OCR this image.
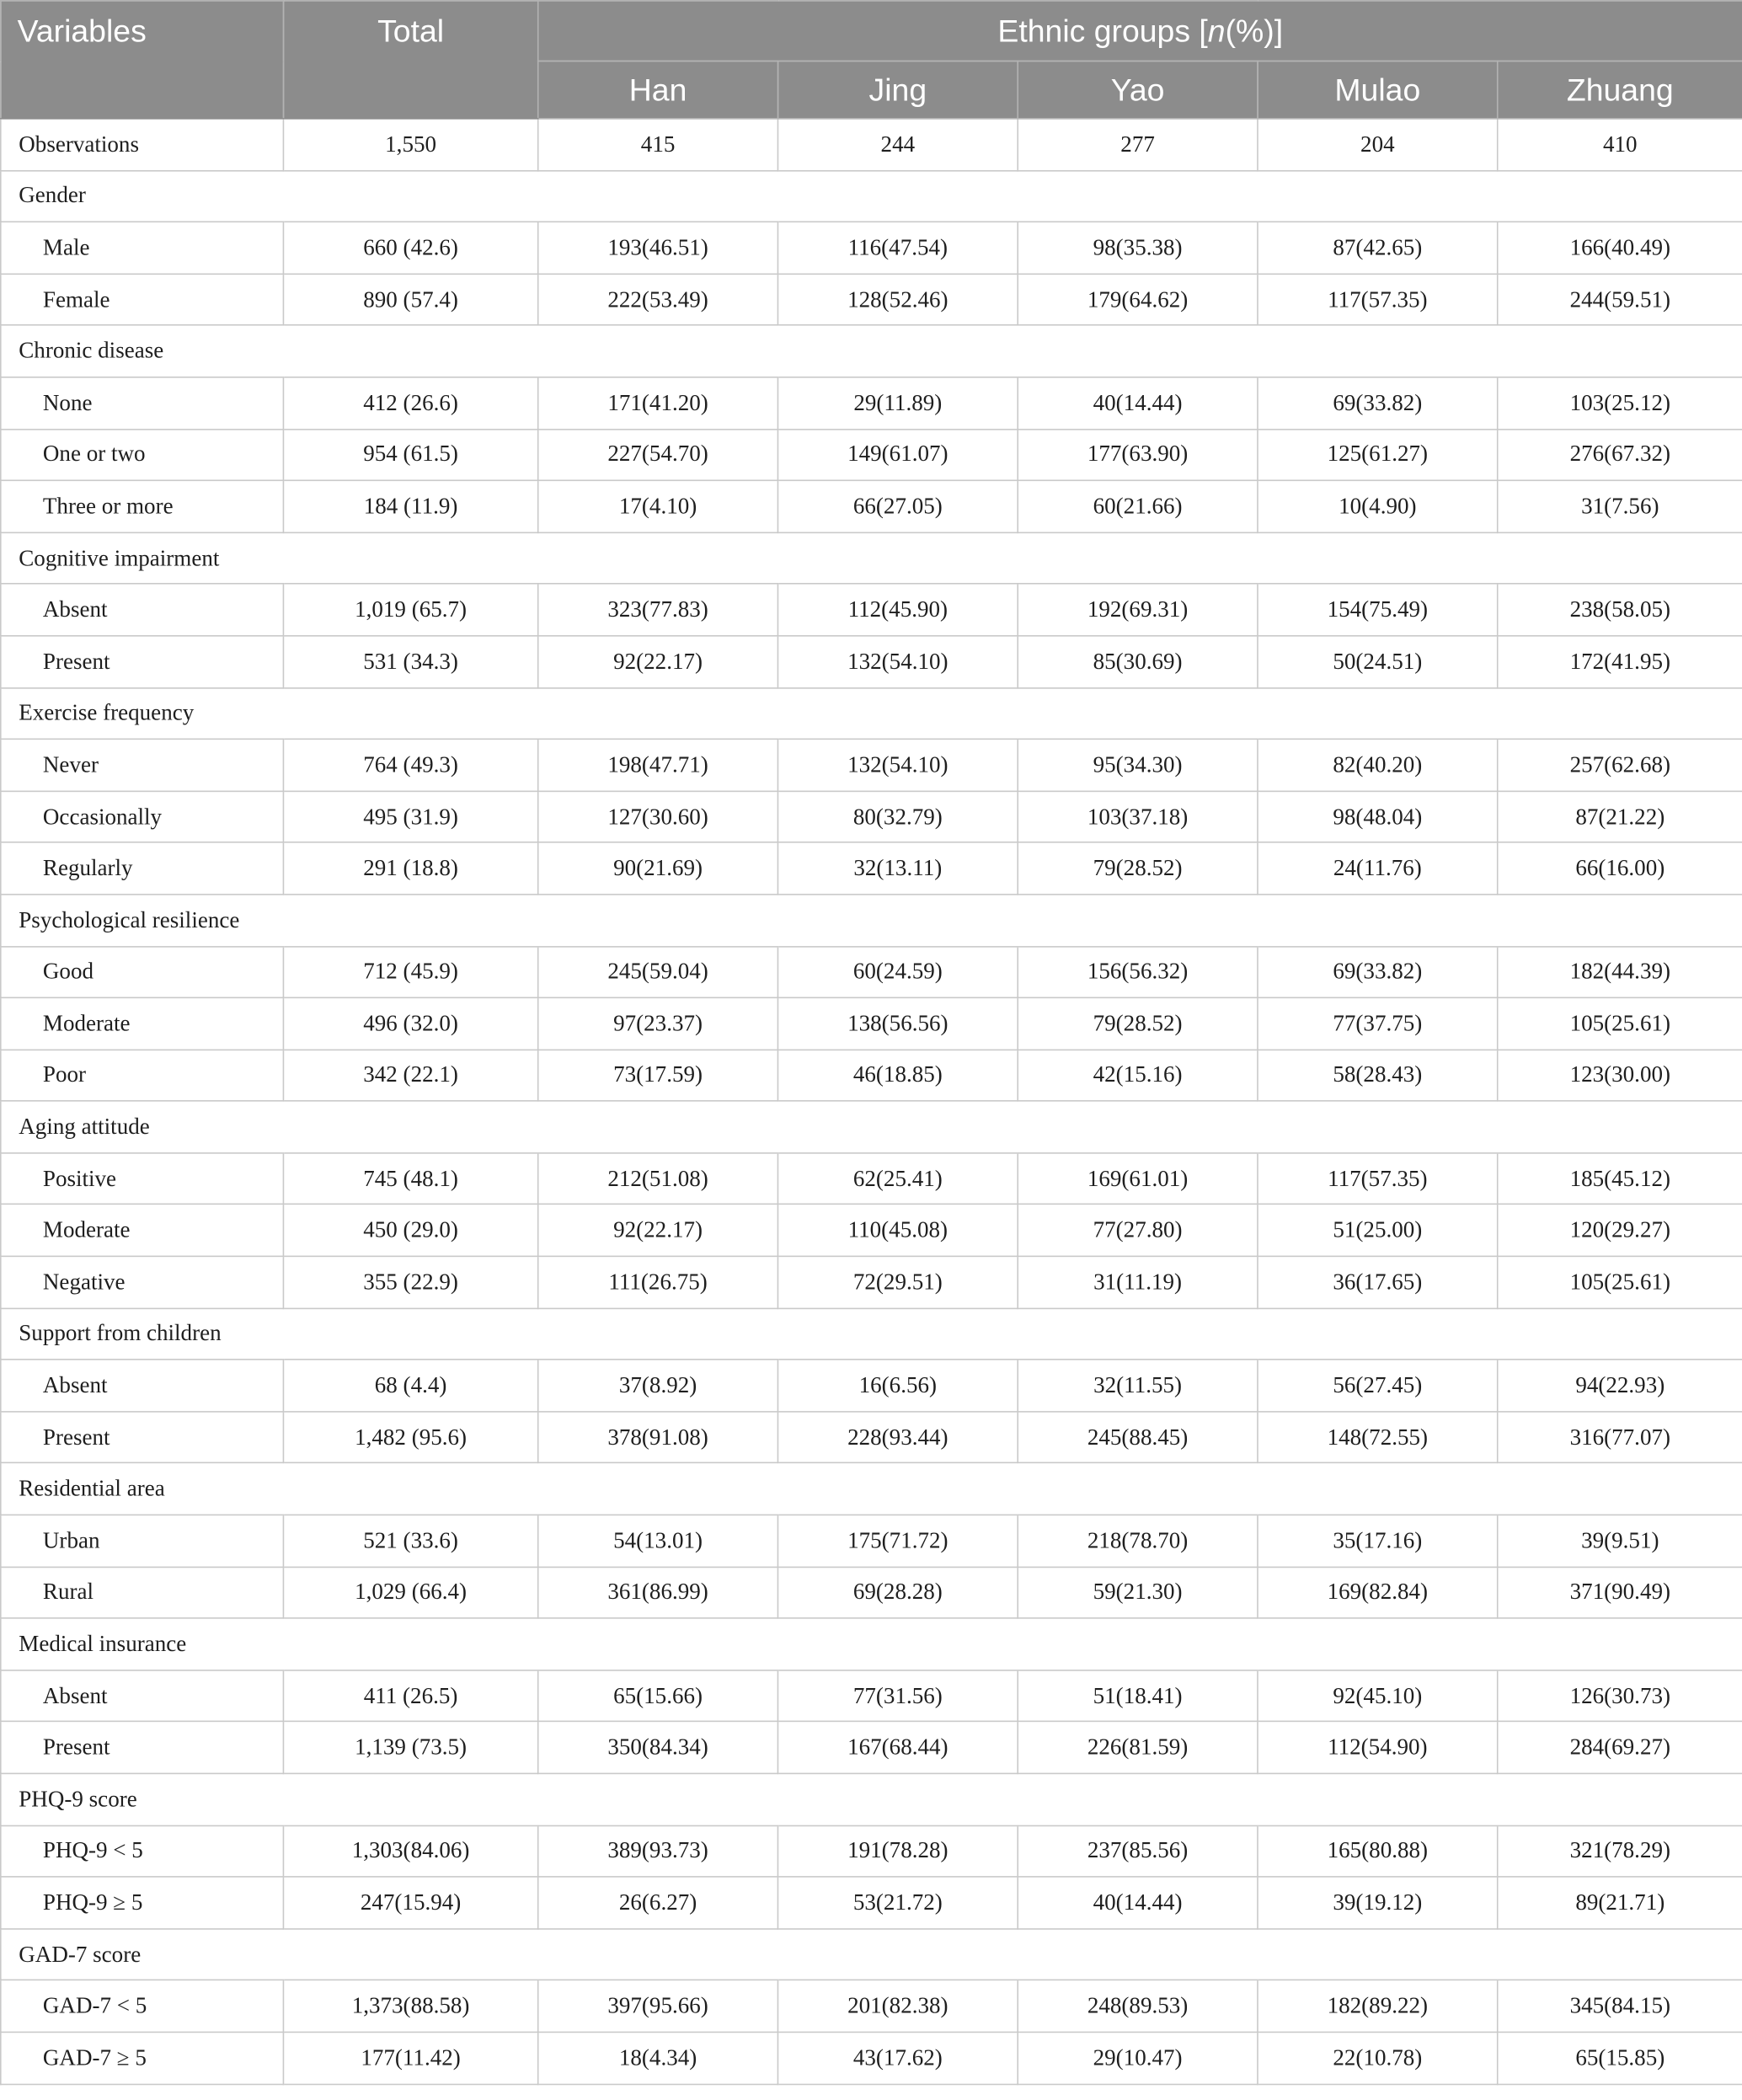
Variables	Total	Ethnic groups [n(%)]				
		Han	Jing	Yao	Mulao	Zhuang
Observations	1,550	415	244	277	204	410
Gender						
Male	660 (42.6)	193(46.51)	116(47.54)	98(35.38)	87(42.65)	166(40.49)
Female	890 (57.4)	222(53.49)	128(52.46)	179(64.62)	117(57.35)	244(59.51)
Chronic disease						
None	412 (26.6)	171(41.20)	29(11.89)	40(14.44)	69(33.82)	103(25.12)
One or two	954 (61.5)	227(54.70)	149(61.07)	177(63.90)	125(61.27)	276(67.32)
Three or more	184 (11.9)	17(4.10)	66(27.05)	60(21.66)	10(4.90)	31(7.56)
Cognitive impairment						
Absent	1,019 (65.7)	323(77.83)	112(45.90)	192(69.31)	154(75.49)	238(58.05)
Present	531 (34.3)	92(22.17)	132(54.10)	85(30.69)	50(24.51)	172(41.95)
Exercise frequency						
Never	764 (49.3)	198(47.71)	132(54.10)	95(34.30)	82(40.20)	257(62.68)
Occasionally	495 (31.9)	127(30.60)	80(32.79)	103(37.18)	98(48.04)	87(21.22)
Regularly	291 (18.8)	90(21.69)	32(13.11)	79(28.52)	24(11.76)	66(16.00)
Psychological resilience						
Good	712 (45.9)	245(59.04)	60(24.59)	156(56.32)	69(33.82)	182(44.39)
Moderate	496 (32.0)	97(23.37)	138(56.56)	79(28.52)	77(37.75)	105(25.61)
Poor	342 (22.1)	73(17.59)	46(18.85)	42(15.16)	58(28.43)	123(30.00)
Aging attitude						
Positive	745 (48.1)	212(51.08)	62(25.41)	169(61.01)	117(57.35)	185(45.12)
Moderate	450 (29.0)	92(22.17)	110(45.08)	77(27.80)	51(25.00)	120(29.27)
Negative	355 (22.9)	111(26.75)	72(29.51)	31(11.19)	36(17.65)	105(25.61)
Support from children						
Absent	68 (4.4)	37(8.92)	16(6.56)	32(11.55)	56(27.45)	94(22.93)
Present	1,482 (95.6)	378(91.08)	228(93.44)	245(88.45)	148(72.55)	316(77.07)
Residential area						
Urban	521 (33.6)	54(13.01)	175(71.72)	218(78.70)	35(17.16)	39(9.51)
Rural	1,029 (66.4)	361(86.99)	69(28.28)	59(21.30)	169(82.84)	371(90.49)
Medical insurance						
Absent	411 (26.5)	65(15.66)	77(31.56)	51(18.41)	92(45.10)	126(30.73)
Present	1,139 (73.5)	350(84.34)	167(68.44)	226(81.59)	112(54.90)	284(69.27)
PHQ-9 score						
PHQ-9 < 5	1,303(84.06)	389(93.73)	191(78.28)	237(85.56)	165(80.88)	321(78.29)
PHQ-9 ≥ 5	247(15.94)	26(6.27)	53(21.72)	40(14.44)	39(19.12)	89(21.71)
GAD-7 score						
GAD-7 < 5	1,373(88.58)	397(95.66)	201(82.38)	248(89.53)	182(89.22)	345(84.15)
GAD-7 ≥ 5	177(11.42)	18(4.34)	43(17.62)	29(10.47)	22(10.78)	65(15.85)
